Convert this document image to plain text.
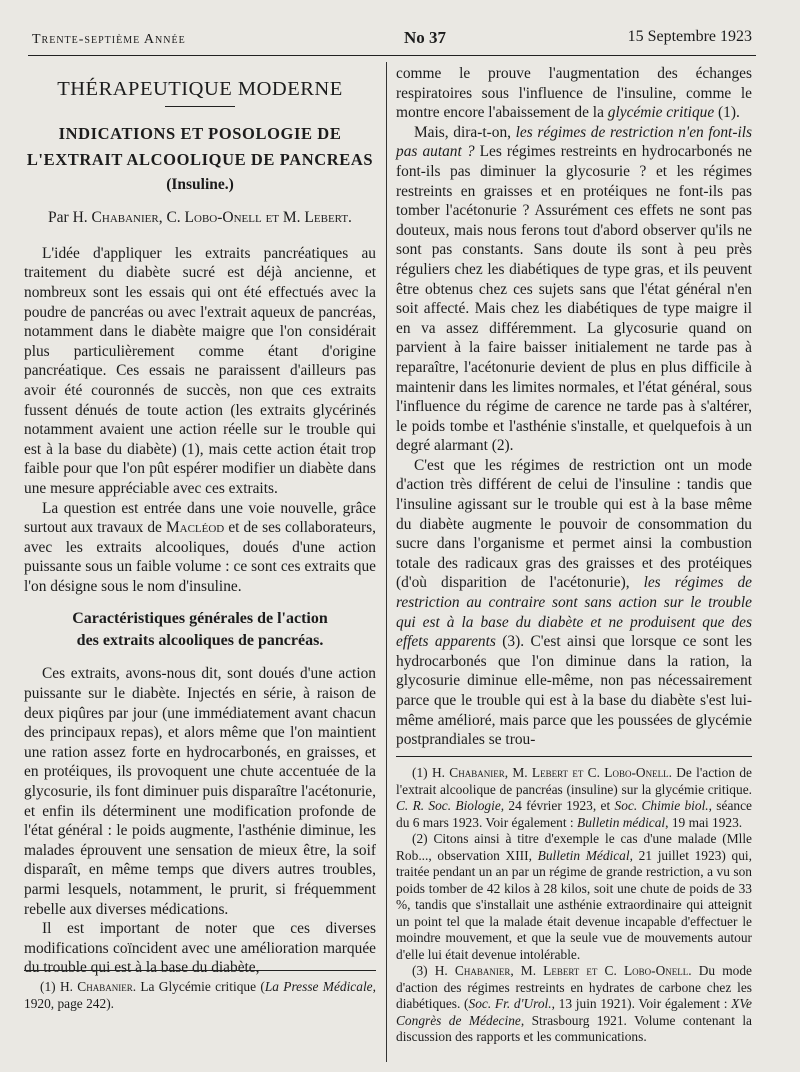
Trente-septième Année	No 37	15 Septembre 1923
THÉRAPEUTIQUE MODERNE
INDICATIONS ET POSOLOGIE DE
L'EXTRAIT ALCOOLIQUE DE PANCREAS
(Insuline.)
Par H. Chabanier, C. Lobo-Onell et M. Lebert.

L'idée d'appliquer les extraits pancréatiques au traitement du diabète sucré est déjà ancienne, et nombreux sont les essais qui ont été effectués avec la poudre de pancréas ou avec l'extrait aqueux de pancréas, notamment dans le diabète maigre que l'on considérait plus particulièrement comme étant d'origine pancréatique. Ces essais ne paraissent d'ailleurs pas avoir été couronnés de succès, non que ces extraits fussent dénués de toute action (les extraits glycérinés notamment avaient une action réelle sur le trouble qui est à la base du diabète) (1), mais cette action était trop faible pour que l'on pût espérer modifier un diabète dans une mesure appréciable avec ces extraits.

La question est entrée dans une voie nouvelle, grâce surtout aux travaux de Macléod et de ses collaborateurs, avec les extraits alcooliques, doués d'une action puissante sous un faible volume : ce sont ces extraits que l'on désigne sous le nom d'insuline.

Caractéristiques générales de l'action
des extraits alcooliques de pancréas.

Ces extraits, avons-nous dit, sont doués d'une action puissante sur le diabète. Injectés en série, à raison de deux piqûres par jour (une immédiatement avant chacun des principaux repas), et alors même que l'on maintient une ration assez forte en hydrocarbonés, en graisses, et en protéiques, ils provoquent une chute accentuée de la glycosurie, ils font diminuer puis disparaître l'acétonurie, et enfin ils déterminent une modification profonde de l'état général : le poids augmente, l'asthénie diminue, les malades éprouvent une sensation de mieux être, la soif disparaît, en même temps que divers autres troubles, parmi lesquels, notamment, le prurit, si fréquemment rebelle aux diverses médications.

Il est important de noter que ces diverses modifications coïncident avec une amélioration marquée du trouble qui est à la base du diabète,

(1) H. Chabanier. La Glycémie critique (La Presse Médicale, 1920, page 242).

comme le prouve l'augmentation des échanges respiratoires sous l'influence de l'insuline, comme le montre encore l'abaissement de la glycémie critique (1).

Mais, dira-t-on, les régimes de restriction n'en font-ils pas autant ? Les régimes restreints en hydrocarbonés ne font-ils pas diminuer la glycosurie ? et les régimes restreints en graisses et en protéiques ne font-ils pas tomber l'acétonurie ? Assurément ces effets ne sont pas douteux, mais nous ferons tout d'abord observer qu'ils ne sont pas constants. Sans doute ils sont à peu près réguliers chez les diabétiques de type gras, et ils peuvent être obtenus chez ces sujets sans que l'état général n'en soit affecté. Mais chez les diabétiques de type maigre il en va assez différemment. La glycosurie quand on parvient à la faire baisser initialement ne tarde pas à reparaître, l'acétonurie devient de plus en plus difficile à maintenir dans les limites normales, et l'état général, sous l'influence du régime de carence ne tarde pas à s'altérer, le poids tombe et l'asthénie s'installe, et quelquefois à un degré alarmant (2).

C'est que les régimes de restriction ont un mode d'action très différent de celui de l'insuline : tandis que l'insuline agissant sur le trouble qui est à la base même du diabète augmente le pouvoir de consommation du sucre dans l'organisme et permet ainsi la combustion totale des radicaux gras des graisses et des protéiques (d'où disparition de l'acétonurie), les régimes de restriction au contraire sont sans action sur le trouble qui est à la base du diabète et ne produisent que des effets apparents (3). C'est ainsi que lorsque ce sont les hydrocarbonés que l'on diminue dans la ration, la glycosurie diminue elle-même, non pas nécessairement parce que le trouble qui est à la base du diabète s'est lui-même amélioré, mais parce que les poussées de glycémie postprandiales se trou-

(1) H. Chabanier, M. Lebert et C. Lobo-Onell. De l'action de l'extrait alcoolique de pancréas (insuline) sur la glycémie critique. C. R. Soc. Biologie, 24 février 1923, et Soc. Chimie biol., séance du 6 mars 1923. Voir également : Bulletin médical, 19 mai 1923.

(2) Citons ainsi à titre d'exemple le cas d'une malade (Mlle Rob..., observation XIII, Bulletin Médical, 21 juillet 1923) qui, traitée pendant un an par un régime de grande restriction, a vu son poids tomber de 42 kilos à 28 kilos, soit une chute de poids de 33 %, tandis que s'installait une asthénie extraordinaire qui atteignit un point tel que la malade était devenue incapable d'effectuer le moindre mouvement, et que la seule vue de mouvements autour d'elle lui était devenue intolérable.

(3) H. Chabanier, M. Lebert et C. Lobo-Onell. Du mode d'action des régimes restreints en hydrates de carbone chez les diabétiques. (Soc. Fr. d'Urol., 13 juin 1921). Voir également : XVe Congrès de Médecine, Strasbourg 1921. Volume contenant la discussion des rapports et les communications.
